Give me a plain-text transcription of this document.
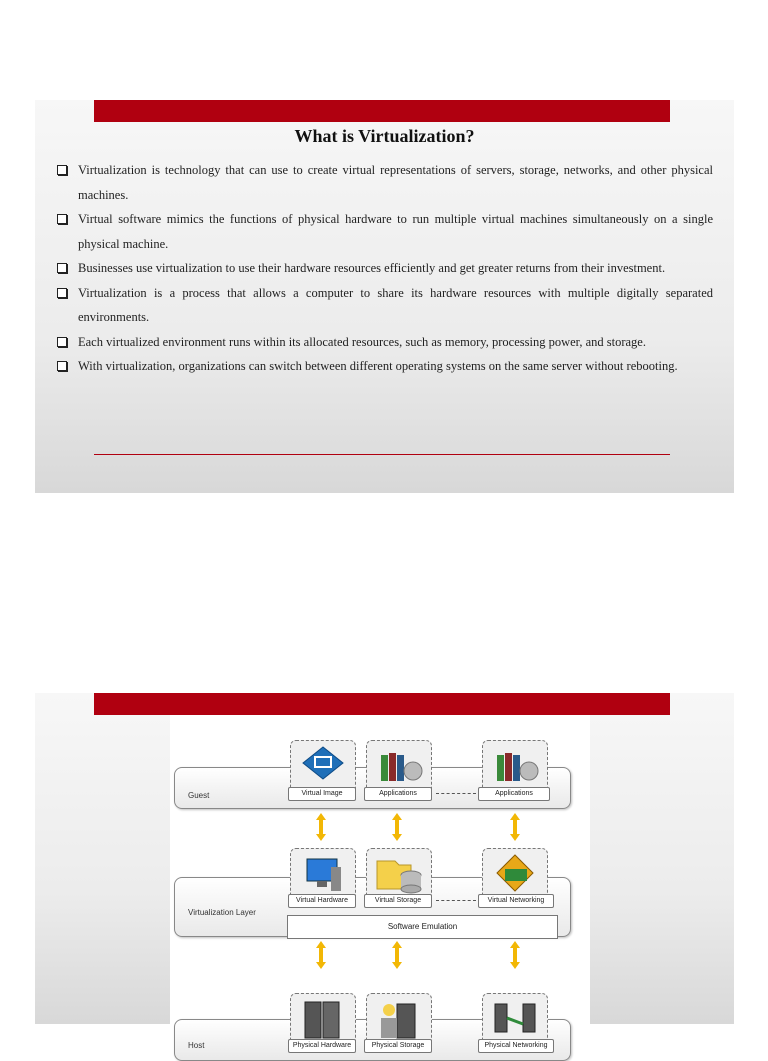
What is Virtualization?
Virtualization is technology that can use to create virtual representations of servers, storage, networks, and other physical machines.
Virtual software mimics the functions of physical hardware to run multiple virtual machines simultaneously on a single physical machine.
Businesses use virtualization to use their hardware resources efficiently and get greater returns from their investment.
Virtualization is a process that allows a computer to share its hardware resources with multiple digitally separated environments.
Each virtualized environment runs within its allocated resources, such as memory, processing power, and storage.
With virtualization, organizations can switch between different operating systems on the same server without rebooting.
Guest	Virtual Image	Applications	Applications
Virtualization Layer
Virtual Hardware	Virtual Storage	Virtual Networking
Software Emulation
Host	Physical Hardware	Physical Storage	Physical Networking
